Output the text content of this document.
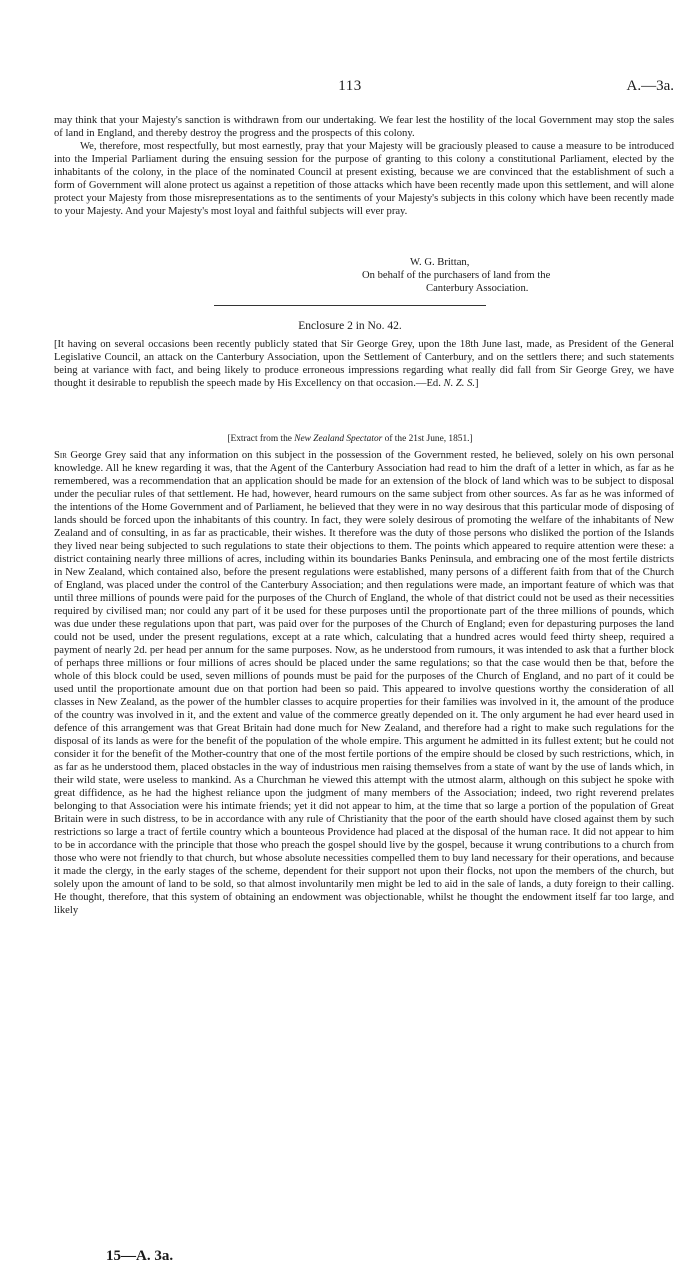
113	A.—3a.

may think that your Majesty's sanction is withdrawn from our undertaking. We fear lest the hostility of the local Government may stop the sales of land in England, and thereby destroy the progress and the prospects of this colony.

We, therefore, most respectfully, but most earnestly, pray that your Majesty will be graciously pleased to cause a measure to be introduced into the Imperial Parliament during the ensuing session for the purpose of granting to this colony a constitutional Parliament, elected by the inhabitants of the colony, in the place of the nominated Council at present existing, because we are convinced that the establishment of such a form of Government will alone protect us against a repetition of those attacks which have been recently made upon this settlement, and will alone protect your Majesty from those misrepresentations as to the sentiments of your Majesty's subjects in this colony which have been recently made to your Majesty. And your Majesty's most loyal and faithful subjects will ever pray.

W. G. Brittan,
On behalf of the purchasers of land from the
Canterbury Association.
Enclosure 2 in No. 42.
[It having on several occasions been recently publicly stated that Sir George Grey, upon the 18th June last, made, as President of the General Legislative Council, an attack on the Canterbury Association, upon the Settlement of Canterbury, and on the settlers there; and such statements being at variance with fact, and being likely to produce erroneous impressions regarding what really did fall from Sir George Grey, we have thought it desirable to republish the speech made by His Excellency on that occasion.—Ed. N. Z. S.]
[Extract from the New Zealand Spectator of the 21st June, 1851.]
Sir George Grey said that any information on this subject in the possession of the Government rested, he believed, solely on his own personal knowledge. All he knew regarding it was, that the Agent of the Canterbury Association had read to him the draft of a letter in which, as far as he remembered, was a recommendation that an application should be made for an extension of the block of land which was to be subject to disposal under the peculiar rules of that settlement. He had, however, heard rumours on the same subject from other sources. As far as he was informed of the intentions of the Home Government and of Parliament, he believed that they were in no way desirous that this particular mode of disposing of lands should be forced upon the inhabitants of this country. In fact, they were solely desirous of promoting the welfare of the inhabitants of New Zealand and of consulting, in as far as practicable, their wishes. It therefore was the duty of those persons who disliked the portion of the Islands they lived near being subjected to such regulations to state their objections to them. The points which appeared to require attention were these: a district containing nearly three millions of acres, including within its boundaries Banks Peninsula, and embracing one of the most fertile districts in New Zealand, which contained also, before the present regulations were established, many persons of a different faith from that of the Church of England, was placed under the control of the Canterbury Association; and then regulations were made, an important feature of which was that until three millions of pounds were paid for the purposes of the Church of England, the whole of that district could not be used as their necessities required by civilised man; nor could any part of it be used for these purposes until the proportionate part of the three millions of pounds, which was due under these regulations upon that part, was paid over for the purposes of the Church of England; even for depasturing purposes the land could not be used, under the present regulations, except at a rate which, calculating that a hundred acres would feed thirty sheep, required a payment of nearly 2d. per head per annum for the same purposes. Now, as he understood from rumours, it was intended to ask that a further block of perhaps three millions or four millions of acres should be placed under the same regulations; so that the case would then be that, before the whole of this block could be used, seven millions of pounds must be paid for the purposes of the Church of England, and no part of it could be used until the proportionate amount due on that portion had been so paid. This appeared to involve questions worthy the consideration of all classes in New Zealand, as the power of the humbler classes to acquire properties for their families was involved in it, the amount of the produce of the country was involved in it, and the extent and value of the commerce greatly depended on it. The only argument he had ever heard used in defence of this arrangement was that Great Britain had done much for New Zealand, and therefore had a right to make such regulations for the disposal of its lands as were for the benefit of the population of the whole empire. This argument he admitted in its fullest extent; but he could not consider it for the benefit of the Mother-country that one of the most fertile portions of the empire should be closed by such restrictions, which, in as far as he understood them, placed obstacles in the way of industrious men raising themselves from a state of want by the use of lands which, in their wild state, were useless to mankind. As a Churchman he viewed this attempt with the utmost alarm, although on this subject he spoke with great diffidence, as he had the highest reliance upon the judgment of many members of the Association; indeed, two right reverend prelates belonging to that Association were his intimate friends; yet it did not appear to him, at the time that so large a portion of the population of Great Britain were in such distress, to be in accordance with any rule of Christianity that the poor of the earth should have closed against them by such restrictions so large a tract of fertile country which a bounteous Providence had placed at the disposal of the human race. It did not appear to him to be in accordance with the principle that those who preach the gospel should live by the gospel, because it wrung contributions to a church from those who were not friendly to that church, but whose absolute necessities compelled them to buy land necessary for their operations, and because it made the clergy, in the early stages of the scheme, dependent for their support not upon their flocks, not upon the members of the church, but solely upon the amount of land to be sold, so that almost involuntarily men might be led to aid in the sale of lands, a duty foreign to their calling. He thought, therefore, that this system of obtaining an endowment was objectionable, whilst he thought the endowment itself far too large, and likely
15—A. 3a.
